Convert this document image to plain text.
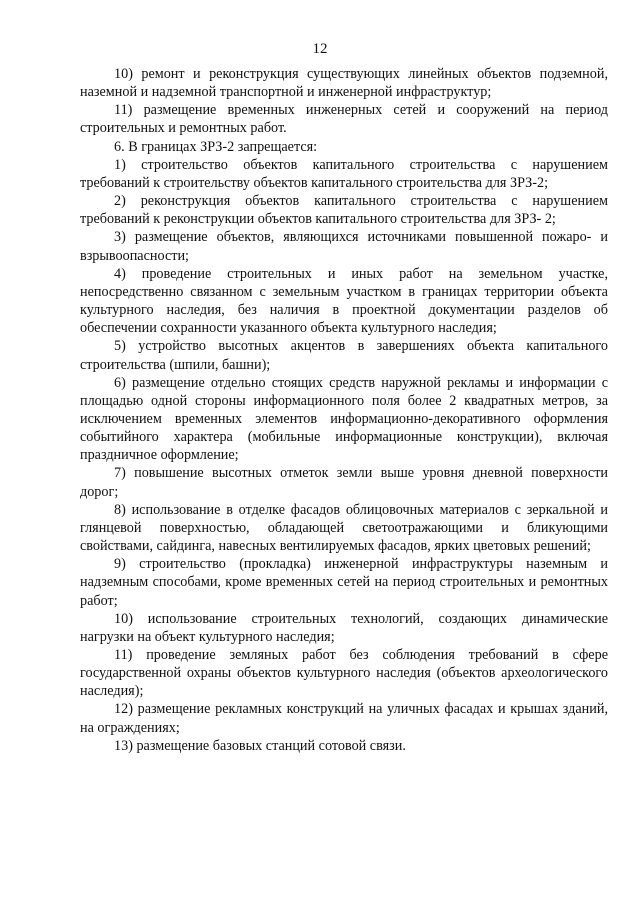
12

10) ремонт и реконструкция существующих линейных объектов подземной, наземной и надземной транспортной и инженерной инфраструктур;

11) размещение временных инженерных сетей и сооружений на период строительных и ремонтных работ.

6. В границах ЗРЗ-2 запрещается:

1) строительство объектов капитального строительства с нарушением требований к строительству объектов капитального строительства для ЗРЗ-2;

2) реконструкция объектов капитального строительства с нарушением требований к реконструкции объектов капитального строительства для ЗРЗ- 2;

3) размещение объектов, являющихся источниками повышенной пожаро- и взрывоопасности;

4) проведение строительных и иных работ на земельном участке, непосредственно связанном с земельным участком в границах территории объекта культурного наследия, без наличия в проектной документации разделов об обеспечении сохранности указанного объекта культурного наследия;

5) устройство высотных акцентов в завершениях объекта капитального строительства (шпили, башни);

6) размещение отдельно стоящих средств наружной рекламы и информации с площадью одной стороны информационного поля более 2 квадратных метров, за исключением временных элементов информационно-декоративного оформления событийного характера (мобильные информационные конструкции), включая праздничное оформление;

7) повышение высотных отметок земли выше уровня дневной поверхности дорог;

8) использование в отделке фасадов облицовочных материалов с зеркальной и глянцевой поверхностью, обладающей светоотражающими и бликующими свойствами, сайдинга, навесных вентилируемых фасадов, ярких цветовых решений;

9) строительство (прокладка) инженерной инфраструктуры наземным и надземным способами, кроме временных сетей на период строительных и ремонтных работ;

10) использование строительных технологий, создающих динамические нагрузки на объект культурного наследия;

11) проведение земляных работ без соблюдения требований в сфере государственной охраны объектов культурного наследия (объектов археологического наследия);

12) размещение рекламных конструкций на уличных фасадах и крышах зданий, на ограждениях;

13) размещение базовых станций сотовой связи.
